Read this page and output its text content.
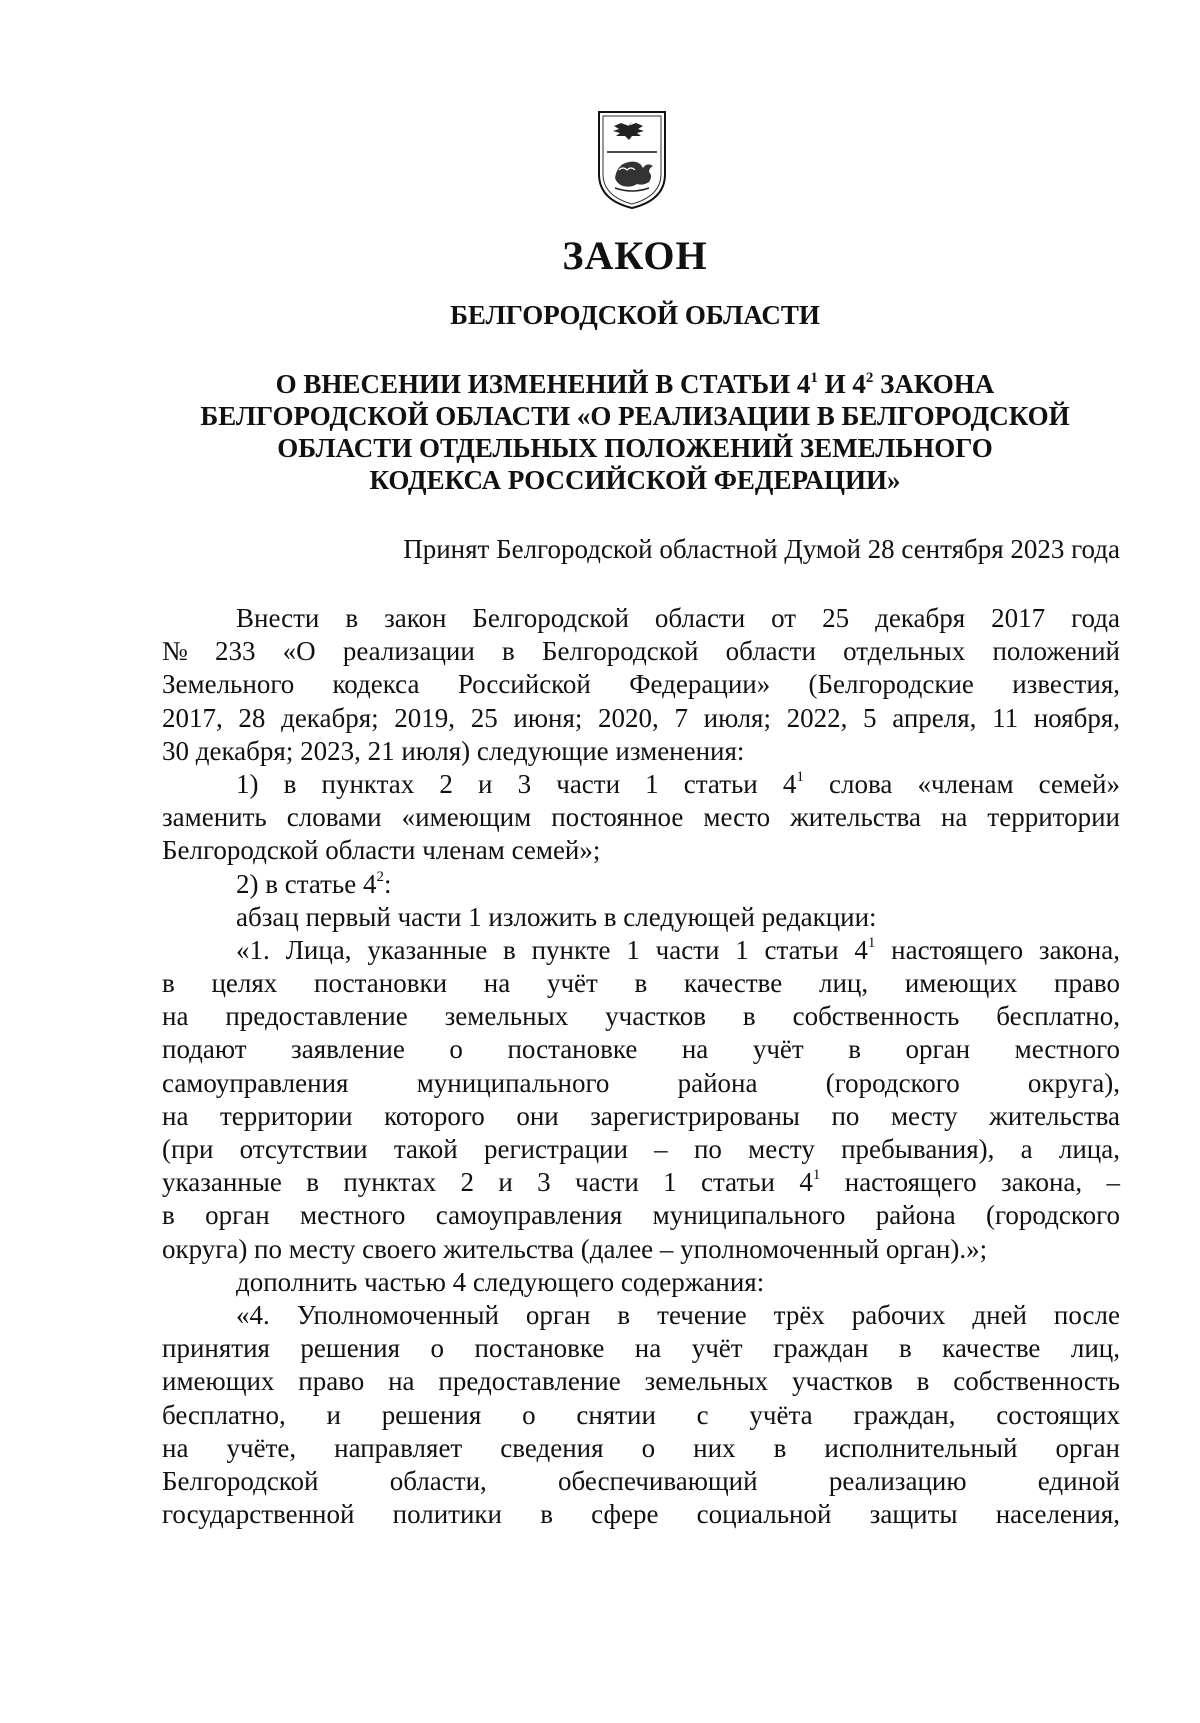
ЗАКОН
БЕЛГОРОДСКОЙ ОБЛАСТИ
О ВНЕСЕНИИ ИЗМЕНЕНИЙ В СТАТЬИ $4^1$ И $4^2$ ЗАКОНА
БЕЛГОРОДСКОЙ ОБЛАСТИ «О РЕАЛИЗАЦИИ В БЕЛГОРОДСКОЙ
ОБЛАСТИ ОТДЕЛЬНЫХ ПОЛОЖЕНИЙ ЗЕМЕЛЬНОГО
КОДЕКСА РОССИЙСКОЙ ФЕДЕРАЦИИ»
Принят Белгородской областной Думой 28 сентября 2023 года
Внести в закон Белгородской области от 25 декабря 2017 года
№ 233 «О реализации в Белгородской области отдельных положений
Земельного кодекса Российской Федерации» (Белгородские известия,
2017, 28 декабря; 2019, 25 июня; 2020, 7 июля; 2022, 5 апреля, 11 ноября,
30 декабря; 2023, 21 июля) следующие изменения:
1) в пунктах 2 и 3 части 1 статьи $4^1$ слова «членам семей»
заменить словами «имеющим постоянное место жительства на территории
Белгородской области членам семей»;
2) в статье $4^2$:
абзац первый части 1 изложить в следующей редакции:
«1. Лица, указанные в пункте 1 части 1 статьи $4^1$ настоящего закона,
в целях постановки на учёт в качестве лиц, имеющих право
на предоставление земельных участков в собственность бесплатно,
подают заявление о постановке на учёт в орган местного
самоуправления муниципального района (городского округа),
на территории которого они зарегистрированы по месту жительства
(при отсутствии такой регистрации – по месту пребывания), а лица,
указанные в пунктах 2 и 3 части 1 статьи $4^1$ настоящего закона, –
в орган местного самоуправления муниципального района (городского
округа) по месту своего жительства (далее – уполномоченный орган).»;
дополнить частью 4 следующего содержания:
«4. Уполномоченный орган в течение трёх рабочих дней после
принятия решения о постановке на учёт граждан в качестве лиц,
имеющих право на предоставление земельных участков в собственность
бесплатно, и решения о снятии с учёта граждан, состоящих
на учёте, направляет сведения о них в исполнительный орган
Белгородской области, обеспечивающий реализацию единой
государственной политики в сфере социальной защиты населения,
